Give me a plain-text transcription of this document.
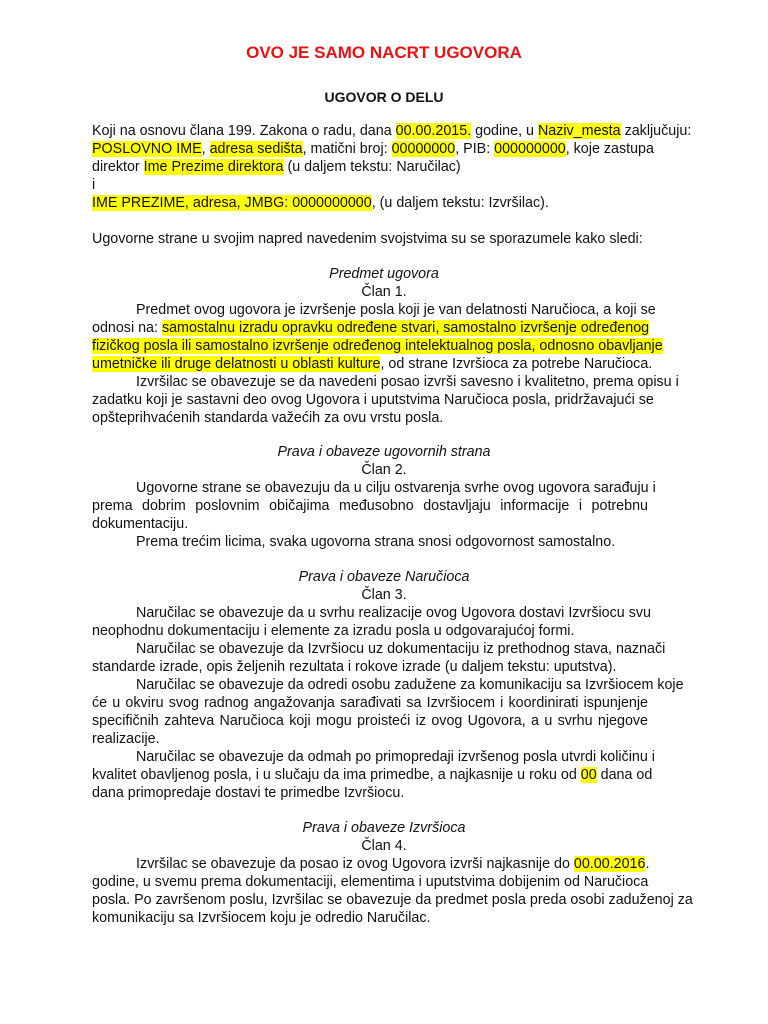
OVO JE SAMO NACRT UGOVORA
UGOVOR O DELU
Koji na osnovu člana 199. Zakona o radu, dana 00.00.2015. godine, u Naziv_mesta zaključuju:
POSLOVNO IME, adresa sedišta, matični broj: 00000000, PIB: 000000000, koje zastupa
direktor Ime Prezime direktora (u daljem tekstu: Naručilac)
i
IME PREZIME, adresa, JMBG: 0000000000, (u daljem tekstu: Izvršilac).
Ugovorne strane u svojim napred navedenim svojstvima su se sporazumele kako sledi:
Predmet ugovora
Član 1.
Predmet ovog ugovora je izvršenje posla koji je van delatnosti Naručioca, a koji se
odnosi na: samostalnu izradu opravku određene stvari, samostalno izvršenje određenog
fizičkog posla ili samostalno izvršenje određenog intelektualnog posla, odnosno obavljanje
umetničke ili druge delatnosti u oblasti kulture, od strane Izvršioca za potrebe Naručioca.
Izvršilac se obavezuje se da navedeni posao izvrši savesno i kvalitetno, prema opisu i
zadatku koji je sastavni deo ovog Ugovora i uputstvima Naručioca posla, pridržavajući se
opšteprihvaćenih standarda važećih za ovu vrstu posla.
Prava i obaveze ugovornih strana
Član 2.
Ugovorne strane se obavezuju da u cilju ostvarenja svrhe ovog ugovora sarađuju i
prema dobrim poslovnim običajima međusobno dostavljaju informacije i potrebnu
dokumentaciju.
Prema trećim licima, svaka ugovorna strana snosi odgovornost samostalno.
Prava i obaveze Naručioca
Član 3.
Naručilac se obavezuje da u svrhu realizacije ovog Ugovora dostavi Izvršiocu svu
neophodnu dokumentaciju i elemente za izradu posla u odgovarajućoj formi.
Naručilac se obavezuje da Izvršiocu uz dokumentaciju iz prethodnog stava, naznači
standarde izrade, opis željenih rezultata i rokove izrade (u daljem tekstu: uputstva).
Naručilac se obavezuje da odredi osobu zadužene za komunikaciju sa Izvršiocem koje
će u okviru svog radnog angažovanja sarađivati sa Izvršiocem i koordinirati ispunjenje
specifičnih zahteva Naručioca koji mogu proisteći iz ovog Ugovora, a u svrhu njegove
realizacije.
Naručilac se obavezuje da odmah po primopredaji izvršenog posla utvrdi količinu i
kvalitet obavljenog posla, i u slučaju da ima primedbe, a najkasnije u roku od 00 dana od
dana primopredaje dostavi te primedbe Izvršiocu.
Prava i obaveze Izvršioca
Član 4.
Izvršilac se obavezuje da posao iz ovog Ugovora izvrši najkasnije do 00.00.2016.
godine, u svemu prema dokumentaciji, elementima i uputstvima dobijenim od Naručioca
posla. Po završenom poslu, Izvršilac se obavezuje da predmet posla preda osobi zaduženoj za
komunikaciju sa Izvršiocem koju je odredio Naručilac.
